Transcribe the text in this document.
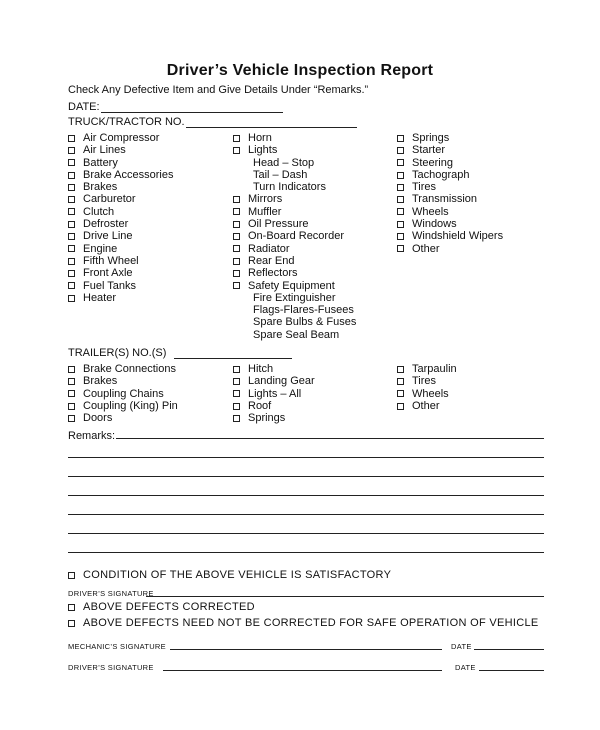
Driver’s Vehicle Inspection Report
Check Any Defective Item and Give Details Under “Remarks.”
DATE:
TRUCK/TRACTOR NO.
Air Compressor
Air Lines
Battery
Brake Accessories
Brakes
Carburetor
Clutch
Defroster
Drive Line
Engine
Fifth Wheel
Front Axle
Fuel Tanks
Heater
Horn
Lights
Head – Stop
Tail – Dash
Turn Indicators
Mirrors
Muffler
Oil Pressure
On-Board Recorder
Radiator
Rear End
Reflectors
Safety Equipment
Fire Extinguisher
Flags-Flares-Fusees
Spare Bulbs & Fuses
Spare Seal Beam
Springs
Starter
Steering
Tachograph
Tires
Transmission
Wheels
Windows
Windshield Wipers
Other
TRAILER(S) NO.(S)
Brake Connections
Brakes
Coupling Chains
Coupling (King) Pin
Doors
Hitch
Landing Gear
Lights – All
Roof
Springs
Tarpaulin
Tires
Wheels
Other
Remarks:
CONDITION OF THE ABOVE VEHICLE IS SATISFACTORY
DRIVER’S SIGNATURE
ABOVE DEFECTS CORRECTED
ABOVE DEFECTS NEED NOT BE CORRECTED FOR SAFE OPERATION OF VEHICLE
MECHANIC’S SIGNATURE	DATE
DRIVER’S SIGNATURE	DATE
